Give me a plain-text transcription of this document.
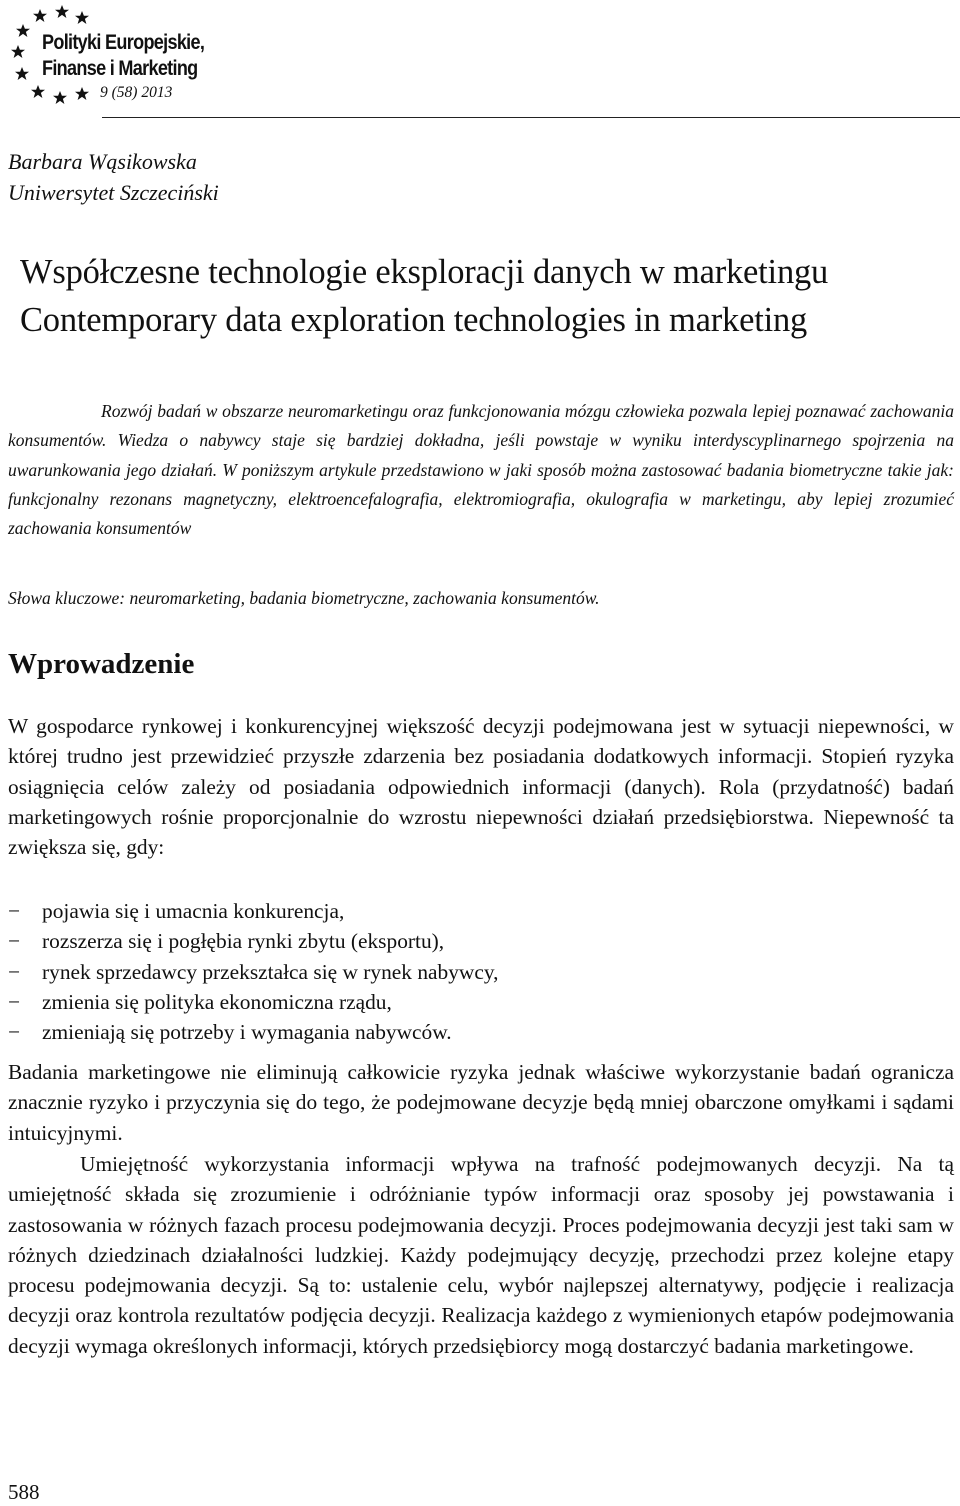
Polityki Europejskie,
Finanse i Marketing
9 (58) 2013
Barbara Wąsikowska
Uniwersytet Szczeciński
Współczesne technologie eksploracji danych w marketingu
Contemporary data exploration technologies in marketing

Rozwój badań w obszarze neuromarketingu oraz funkcjonowania mózgu człowieka pozwala lepiej poznawać zachowania konsumentów. Wiedza o nabywcy staje się bardziej dokładna, jeśli powstaje w wyniku interdyscyplinarnego spojrzenia na uwarunkowania jego działań. W poniższym artykule przedstawiono w jaki sposób można zastosować badania biometryczne takie jak: funkcjonalny rezonans magnetyczny, elektroencefalografia, elektromiografia, okulografia w marketingu, aby lepiej zrozumieć zachowania konsumentów

Słowa kluczowe: neuromarketing, badania biometryczne, zachowania konsumentów.

Wprowadzenie

W gospodarce rynkowej i konkurencyjnej większość decyzji podejmowana jest w sytuacji niepewności, w której trudno jest przewidzieć przyszłe zdarzenia bez posiadania dodatkowych informacji. Stopień ryzyka osiągnięcia celów zależy od posiadania odpowiednich informacji (danych). Rola (przydatność) badań marketingowych rośnie proporcjonalnie do wzrostu niepewności działań przedsiębiorstwa. Niepewność ta zwiększa się, gdy:

− pojawia się i umacnia konkurencja,
− rozszerza się i pogłębia rynki zbytu (eksportu),
− rynek sprzedawcy przekształca się w rynek nabywcy,
− zmienia się polityka ekonomiczna rządu,
− zmieniają się potrzeby i wymagania nabywców.

Badania marketingowe nie eliminują całkowicie ryzyka jednak właściwe wykorzystanie badań ogranicza znacznie ryzyko i przyczynia się do tego, że podejmowane decyzje będą mniej obarczone omyłkami i sądami intuicyjnymi.

Umiejętność wykorzystania informacji wpływa na trafność podejmowanych decyzji. Na tą umiejętność składa się zrozumienie i odróżnianie typów informacji oraz sposoby jej powstawania i zastosowania w różnych fazach procesu podejmowania decyzji. Proces podejmowania decyzji jest taki sam w różnych dziedzinach działalności ludzkiej. Każdy podejmujący decyzję, przechodzi przez kolejne etapy procesu podejmowania decyzji. Są to: ustalenie celu, wybór najlepszej alternatywy, podjęcie i realizacja decyzji oraz kontrola rezultatów podjęcia decyzji. Realizacja każdego z wymienionych etapów podejmowania decyzji wymaga określonych informacji, których przedsiębiorcy mogą dostarczyć badania marketingowe.

588
